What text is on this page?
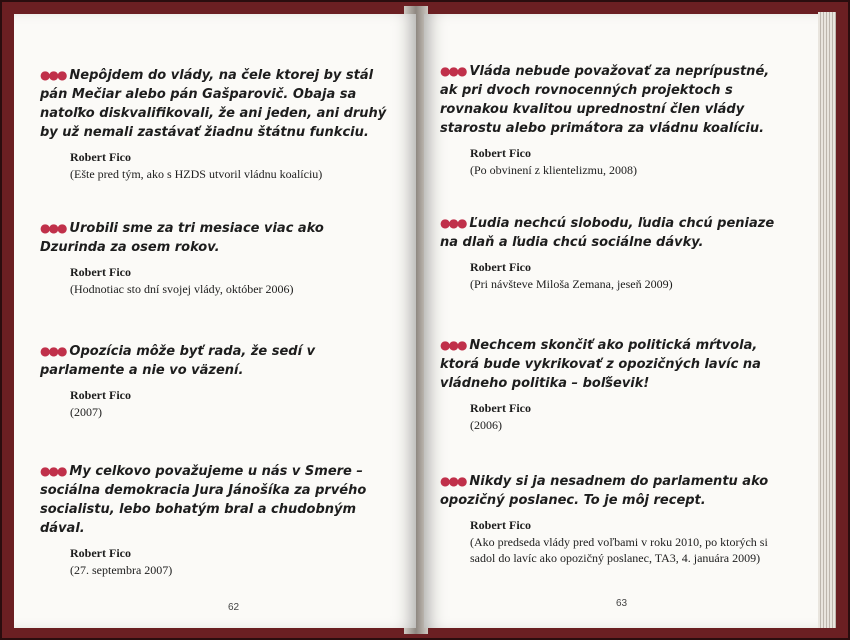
●●● Nepôjdem do vlády, na čele ktorej by stál pán Mečiar alebo pán Gašparovič. Obaja sa natoľko diskvalifikovali, že ani jeden, ani druhý by už nemali zastávať žiadnu štátnu funkciu.
Robert Fico
(Ešte pred tým, ako s HZDS utvoril vládnu koalíciu)
●●● Urobili sme za tri mesiace viac ako Dzurinda za osem rokov.
Robert Fico
(Hodnotiac sto dní svojej vlády, október 2006)
●●● Opozícia môže byť rada, že sedí v parlamente a nie vo väzení.
Robert Fico
(2007)
●●● My celkovo považujeme u nás v Smere – sociálna demokracia Jura Jánošíka za prvého socialistu, lebo bohatým bral a chudobným dával.
Robert Fico
(27. septembra 2007)
62
●●● Vláda nebude považovať za neprípustné, ak pri dvoch rovnocenných projektoch s rovnakou kvalitou uprednostní člen vlády starostu alebo primátora za vládnu koalíciu.
Robert Fico
(Po obvinení z klientelizmu, 2008)
●●● Ľudia nechcú slobodu, ľudia chcú peniaze na dlaň a ľudia chcú sociálne dávky.
Robert Fico
(Pri návšteve Miloša Zemana, jeseň 2009)
●●● Nechcem skončiť ako politická mŕtvola, ktorá bude vykrikovať z opozičných lavíc na vládneho politika – boľševik!
Robert Fico
(2006)
●●● Nikdy si ja nesadnem do parlamentu ako opozičný poslanec. To je môj recept.
Robert Fico
(Ako predseda vlády pred voľbami v roku 2010, po ktorých si sadol do lavíc ako opozičný poslanec, TA3, 4. januára 2009)
63
